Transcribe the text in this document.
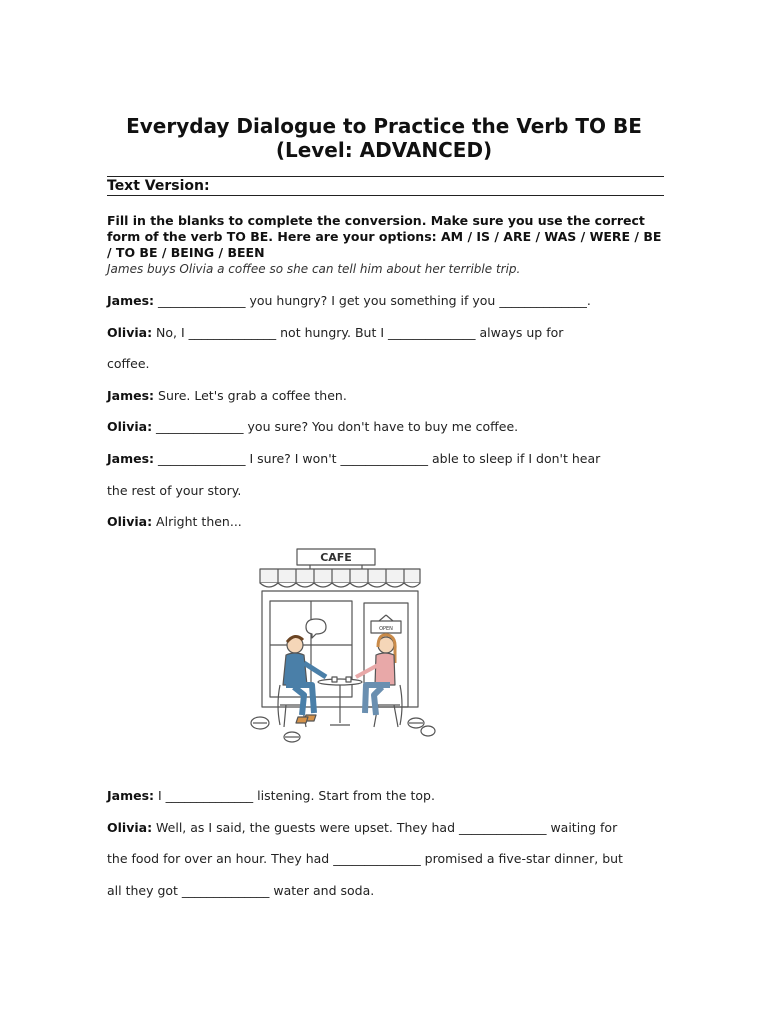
Everyday Dialogue to Practice the Verb TO BE
(Level: ADVANCED)
Text Version:
Fill in the blanks to complete the conversion. Make sure you use the correct form of the verb TO BE. Here are your options: AM / IS / ARE / WAS / WERE / BE / TO BE / BEING / BEEN
James buys Olivia a coffee so she can tell him about her terrible trip.
James: ______________ you hungry? I get you something if you ______________.
Olivia: No, I ______________ not hungry. But I ______________ always up for
coffee.
James: Sure. Let's grab a coffee then.
Olivia: ______________ you sure? You don't have to buy me coffee.
James: ______________ I sure? I won't ______________ able to sleep if I don't hear
the rest of your story.
Olivia: Alright then...
CAFE
OPEN
James: I ______________ listening. Start from the top.
Olivia: Well, as I said, the guests were upset. They had ______________ waiting for
the food for over an hour. They had ______________ promised a five-star dinner, but
all they got ______________ water and soda.
